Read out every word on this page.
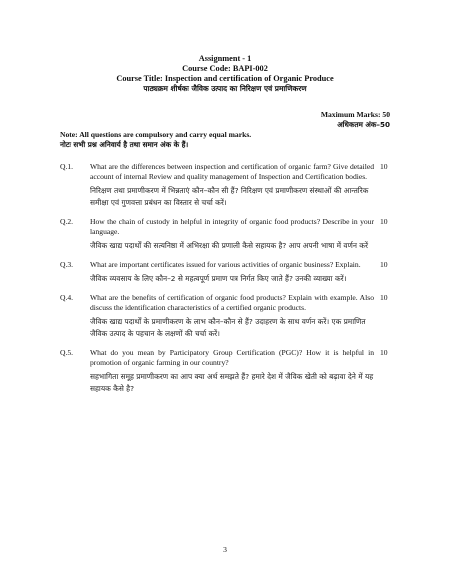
Assignment - 1
Course Code: BAPI-002
Course Title: Inspection and certification of Organic Produce
पाठ्यक्रम शीर्षकः जैविक उत्पाद का निरिक्षण एवं प्रमाणिकरण
Maximum Marks: 50
अधिकतम अंक–50
Note: All questions are compulsory and carry equal marks.
नोटः सभी प्रश्न अनिवार्य है तथा समान अंक के हैं।
Q.1.	10
What are the differences between inspection and certification of organic farm? Give detailed account of internal Review and quality management of Inspection and Certification bodies.
निरिक्षण तथा प्रमाणीकरण में भिन्नताएं कौन–कौन सी हैं? निरिक्षण एवं प्रमाणीकरण संस्थाओं की आन्तरिक समीक्षा एवं गुणवत्ता प्रबंधन का विस्तार से चर्चा करें।
Q.2.	10
How the chain of custody in helpful in integrity of organic food products? Describe in your language.
जैविक खाद्य पदार्थों की सत्यनिष्ठा में अभिरक्षा की प्रणाली कैसे सहायक है? आप अपनी भाषा में वर्णन करें
Q.3.	10
What are important certificates issued for various activities of organic business? Explain.
जैविक व्यवसाय के लिए कौन–2 से महत्वपूर्ण प्रमाण पत्र निर्गत किए जाते हैं? उनकी व्याख्या करें।
Q.4.	10
What are the benefits of certification of organic food products? Explain with example. Also discuss the identification characteristics of a certified organic products.
जैविक खाद्य पदार्थों के प्रमाणीकरण के लाभ कौन–कौन से हैं? उदाहरण के साथ वर्णन करें। एक प्रमाणित जैविक उत्पाद के पहचान के लक्षणों की चर्चा करें।
Q.5.	10
What do you mean by Participatory Group Certification (PGC)? How it is helpful in promotion of organic farming in our country?
सहभागिता समूह प्रमाणीकरण का आप क्या अर्थ समझते हैं? हमारे देश में जैविक खेती को बढ़ावा देने में यह सहायक कैसे है?
3
